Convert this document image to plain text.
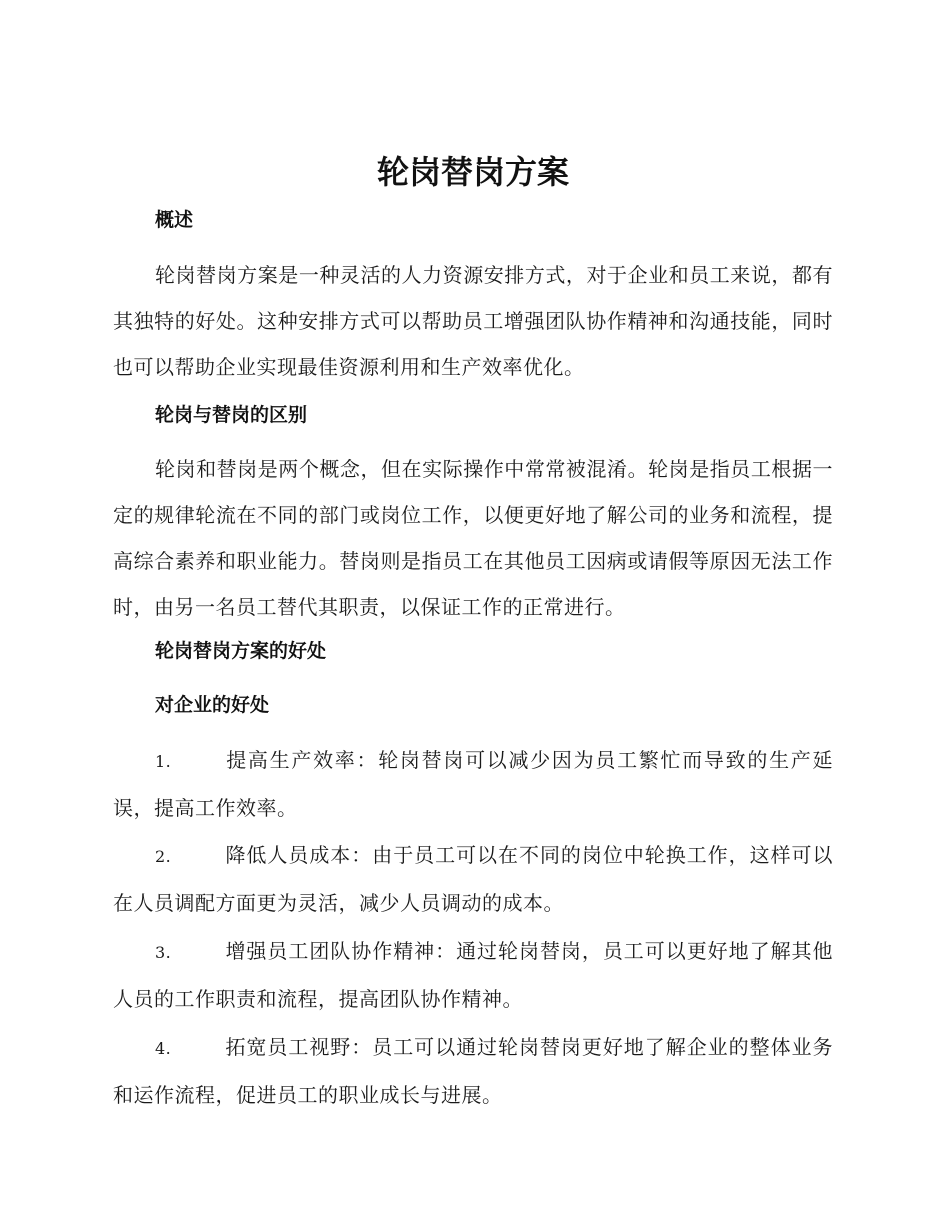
轮岗替岗方案
概述

轮岗替岗方案是一种灵活的人力资源安排方式，对于企业和员工来说，都有其独特的好处。这种安排方式可以帮助员工增强团队协作精神和沟通技能，同时也可以帮助企业实现最佳资源利用和生产效率优化。

轮岗与替岗的区别

轮岗和替岗是两个概念，但在实际操作中常常被混淆。轮岗是指员工根据一定的规律轮流在不同的部门或岗位工作，以便更好地了解公司的业务和流程，提高综合素养和职业能力。替岗则是指员工在其他员工因病或请假等原因无法工作时，由另一名员工替代其职责，以保证工作的正常进行。

轮岗替岗方案的好处
对企业的好处

1.	提高生产效率：轮岗替岗可以减少因为员工繁忙而导致的生产延误，提高工作效率。

2.	降低人员成本：由于员工可以在不同的岗位中轮换工作，这样可以在人员调配方面更为灵活，减少人员调动的成本。

3.	增强员工团队协作精神：通过轮岗替岗，员工可以更好地了解其他人员的工作职责和流程，提高团队协作精神。

4.	拓宽员工视野：员工可以通过轮岗替岗更好地了解企业的整体业务和运作流程，促进员工的职业成长与进展。
